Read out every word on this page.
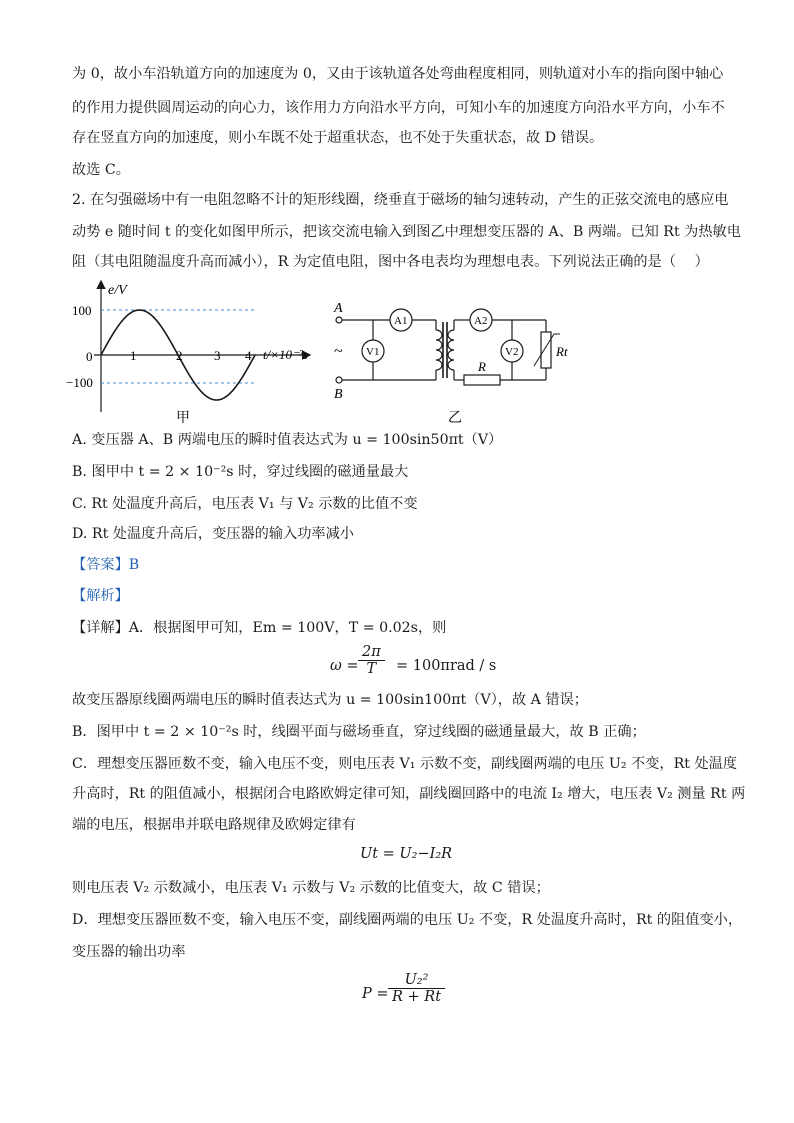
为 0，故小车沿轨道方向的加速度为 0，又由于该轨道各处弯曲程度相同，则轨道对小车的指向图中轴心
的作用力提供圆周运动的向心力，该作用力方向沿水平方向，可知小车的加速度方向沿水平方向，小车不
存在竖直方向的加速度，则小车既不处于超重状态，也不处于失重状态，故 D 错误。
故选 C。
2. 在匀强磁场中有一电阻忽略不计的矩形线圈，绕垂直于磁场的轴匀速转动，产生的正弦交流电的感应电
动势 e 随时间 t 的变化如图甲所示，把该交流电输入到图乙中理想变压器的 A、B 两端。已知 Rt 为热敏电
阻（其电阻随温度升高而减小），R 为定值电阻，图中各电表均为理想电表。下列说法正确的是（　 ）
e/V
100
−100
0	1	2 3 4 t/×10⁻²s
甲
A
B
~
A1	A2
V1	V2
R
Rt
乙
A. 变压器 A、B 两端电压的瞬时值表达式为 u = 100sin50πt（V）
B. 图甲中 t = 2 × 10⁻²s 时，穿过线圈的磁通量最大
C. Rt 处温度升高后，电压表 V₁ 与 V₂ 示数的比值不变
D. Rt 处温度升高后，变压器的输入功率减小
【答案】B
【解析】
【详解】A．根据图甲可知，Em = 100V，T = 0.02s，则
$\omega = \frac{2\pi}{T} = 100\pi rad / s$
故变压器原线圈两端电压的瞬时值表达式为 u = 100sin100πt（V），故 A 错误；
B．图甲中 t = 2 × 10⁻²s 时，线圈平面与磁场垂直，穿过线圈的磁通量最大，故 B 正确；
C．理想变压器匝数不变，输入电压不变，则电压表 V₁ 示数不变，副线圈两端的电压 U₂ 不变，Rt 处温度
升高时，Rt 的阻值减小，根据闭合电路欧姆定律可知，副线圈回路中的电流 I₂ 增大，电压表 V₂ 测量 Rt 两
端的电压，根据串并联电路规律及欧姆定律有
Ut = U₂−I₂R
则电压表 V₂ 示数减小，电压表 V₁ 示数与 V₂ 示数的比值变大，故 C 错误；
D．理想变压器匝数不变，输入电压不变，副线圈两端的电压 U₂ 不变，R 处温度升高时，Rt 的阻值变小，
变压器的输出功率
$P = \frac{\text{U₂²}}{R + Rt}$
